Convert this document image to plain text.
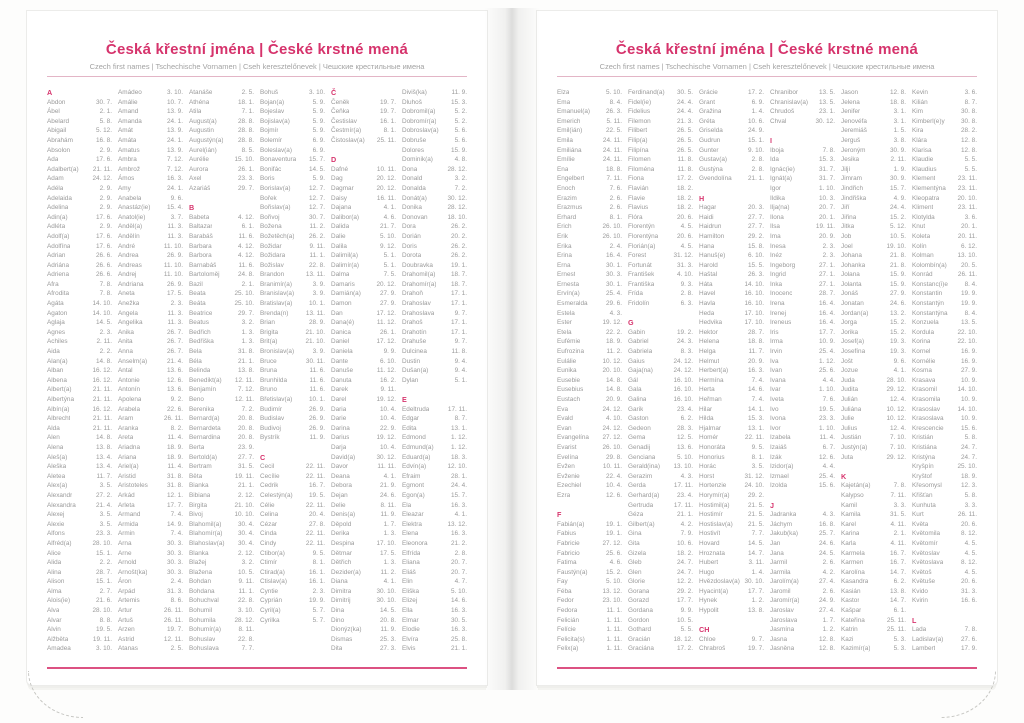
Česká křestní jména | České krstné mená
Czech first names | Tschechische Vornamen | Cseh keresztelőnevek | Чешские крестильные имена
A
Abdon	30. 7.
Ábel	2. 1.
Abelard	5. 8.
Abigail	5. 12.
Abrahám	16. 8.
Absolon	2. 9.
Ada	17. 6.
Adalbert(a) 21. 11.
Adam	24. 12.
Adéla	2. 9.
Adelaida	2. 9.
Adelina	2. 9.
Adin(a)	17. 6.
Adléta	2. 9.
Adolf(a)	17. 6.
Adolfína	17. 6.
Adrian	26. 6.
Adriána	26. 6.
Adriena	26. 6.
Afra	7. 8.
Afrodita	7. 8.
Agáta	14. 10.
Agaton	14. 10.
Aglaja	14. 5.
Agnes	2. 3.
Achiles	2. 11.
Aida	2. 2.
Alan(a)	14. 8.
Alban	16. 12.
Albena	16. 12.
Albert(a)	21. 11.
Albertýna	21. 11.
Albín(a)	16. 12.
Albrecht	21. 11.
Alda	21. 11.
Alen	14. 8.
Alena	13. 8.
Aleš(a)	13. 4.
Aleška	13. 4.
Aletea	11. 7.
Alex(a)	3. 5.
Alexandr	27. 2.
Alexandra	21. 4.
Alexej	3. 5.
Alexie	3. 5.
Alfons	23. 3.
Alfréd(a)	28. 10.
Alice	15. 1.
Alida	2. 2.
Alina	28. 7.
Alison	15. 1.
Alma	2. 7.
Alois(ie)	21. 6.
Alva	28. 10.
Alvar	8. 8.
Alvin	19. 5.
Alžběta	19. 11.
Amadea	3. 10.
Amádeo	3. 10.
Amálie	10. 7.
Amand	13. 9.
Amanda	24. 1.
Amát	13. 9.
Amáta	24. 1.
Amatus	13. 9.
Ambra	7. 12.
Ambrož	7. 12.
Ámos	16. 3.
Amy	24. 1.
Anabela	9. 6.
Anastáz(ie)	15. 4.
Anatol(ie)	3. 7.
Anděl(a)	11. 3.
Andělín	11. 3.
André	11. 10.
Andrea	26. 9.
Andreas	11. 10.
Andrej	11. 10.
Andriana	26. 9.
Aneta	17. 5.
Anežka	2. 3.
Angela	11. 3.
Angelika	11. 3.
Anika	26. 7.
Anita	26. 7.
Anna	26. 7.
Anselm(a)	21. 4.
Antal	13. 6.
Antonie	12. 6.
Antonín	13. 6.
Apolena	9. 2.
Arabela	22. 6.
Aram	26. 11.
Aranka	8. 2.
Areta	11. 4.
Ariadna	18. 9.
Ariana	18. 9.
Ariel(a)	11. 4.
Aristid	31. 8.
Aristoteles	31. 8.
Arkád	12. 1.
Arleta	17. 7.
Armand	7. 4.
Armida	14. 9.
Armin	7. 4.
Arna	30. 3.
Arne	30. 3.
Arnold	30. 3.
Arnošt(ka)	30. 3.
Áron	2. 4.
Arpád	31. 3.
Artemis	8. 6.
Artur	26. 11.
Artuš	26. 11.
Arzen	19. 7.
Astrid	12. 11.
Atanas	2. 5.
Atanáše	2. 5.
Athéna	18. 1.
Atila	7. 1.
August(a)	28. 8.
Augustin	28. 8.
Augustýn(a) 28. 8.
Aurel(ián)	8. 5.
Aurélie	15. 10.
Aurora	26. 1.
Axel	23. 3.
Azariáš	29. 7.
B
Babeta	4. 12.
Baltazar	6. 1.
Barabáš	11. 6.
Barbara	4. 12.
Barbora	4. 12.
Barnabáš	11. 6.
Bartoloměj	24. 8.
Bazil	2. 1.
Beata	25. 10.
Beáta	25. 10.
Beatrice	29. 7.
Beatus	3. 2.
Bedřich	1. 3.
Bedřiška	1. 3.
Bela	31. 8.
Béla	21. 1.
Belinda	13. 8.
Benedikt(a) 12. 11.
Benjamín	7. 12.
Beno	12. 11.
Berenika	7. 2.
Bernard(a)	20. 8.
Bernardeta	20. 8.
Bernardina	20. 8.
Berta	23. 9.
Bertold(a)	27. 7.
Bertram	31. 5.
Běta	19. 11.
Bianka	21. 1.
Bibiana	2. 12.
Birgita	21. 10.
Bivoj	10. 10.
Blahomil(a)	30. 4.
Blahomír(a) 30. 4.
Blahoslav(a) 30. 4.
Blanka	2. 12.
Blažej	3. 2.
Blažena	10. 5.
Bohdan	9. 11.
Bohdana	11. 1.
Bohuchval	22. 8.
Bohumil	3. 10.
Bohumila	28. 12.
Bohumír(a)	8. 11.
Bohuslav	22. 8.
Bohuslava	7. 7.
Bohuš	3. 10.
Bojan(a)	5. 9.
Bojeslav	5. 9.
Bojislav(a)	5. 9.
Bojmír	5. 9.
Bolemír	6. 9.
Boleslav(a)	6. 9.
Bonaventura 15. 7.
Bonifác	14. 5.
Boris	5. 9.
Borislav(a)	12. 7.
Bořek	12. 7.
Bořislav(a)	12. 7.
Bořivoj	30. 7.
Božena	11. 2.
Božetěch(a) 26. 2.
Božidar	9. 11.
Božidara	11. 1.
Božislav	22. 8.
Brandon	13. 11.
Branimír(a)	3. 9.
Branislav(a)	3. 9.
Bratislav(a)	10. 1.
Brenda(n)	13. 11.
Brian	28. 9.
Brigita	21. 10.
Brit(a)	21. 10.
Bronislav(a)	3. 9.
Bruce	30. 11.
Bruna	11. 6.
Brunhilda	11. 6.
Bruno	11. 6.
Břetislav(a)	10. 1.
Budimír	26. 9.
Budislav	26. 9.
Budivoj	26. 9.
Bystrík	11. 9.
C
Cecil	22. 11.
Cecílie	22. 11.
Cedrik	16. 7.
Celestýn(a)	19. 5.
Célie	22. 11.
Celina	20. 4.
Cézar	27. 8.
Cinda	22. 11.
Cindy	22. 11.
Ctibor(a)	9. 5.
Ctimír	8. 1.
Ctirad(a)	16. 1.
Ctislav(a)	16. 1.
Cyntie	2. 3.
Cyprián	19. 9.
Cyril(a)	5. 7.
Cyrilka	5. 7.
Č
Čeněk	19. 7.
Čeňka	19. 7.
Čestislav	16. 1.
Čestmír(a)	8. 1.
Čistoslav(a) 25. 11.
D
Dafné	10. 11.
Dag	20. 12.
Dagmar	20. 12.
Daisy	16. 11.
Dajana	4. 1.
Dalibor(a)	4. 6.
Dalida	21. 7.
Dalie	5. 10.
Dalila	9. 12.
Dalimil(a)	5. 1.
Dalimír(a)	5. 1.
Dalma	7. 5.
Damaris	20. 12.
Damián(a)	27. 9.
Damon	27. 9.
Dan	17. 12.
Dana(é)	11. 12.
Danica	26. 1.
Daniel	17. 12.
Daniela	9. 9.
Dante	6. 10.
Danuše	11. 12.
Danuta	16. 2.
Darek	9. 11.
Darel	19. 12.
Daria	10. 4.
Darie	10. 4.
Darina	22. 9.
Darius	19. 12.
Darja	10. 4.
David(a)	30. 12.
Davor	11. 11.
Deana	4. 1.
Debora	21. 9.
Dejan	24. 6.
Delie	8. 11.
Denis(a)	11. 9.
Děpold	1. 7.
Derika	1. 3.
Despina	17. 10.
Dětmar	17. 5.
Dětřich	1. 3.
Dezider(a)	11. 2.
Diana	4. 1.
Dimitra	30. 10.
Dimitrij	30. 10.
Dina	14. 5.
Dino	20. 8.
Dionýz(ka)	11. 9.
Dismas	25. 3.
Dita	27. 3.
Diviš(ka)	11. 9.
Dluhoš	15. 3.
Dobromil(a)	5. 2.
Dobromír(a)	5. 2.
Dobroslav(a) 5. 6.
Dobruše	5. 6.
Dolores	15. 9.
Dominik(a)	4. 8.
Dona	28. 12.
Donald	3. 2.
Donalda	7. 2.
Donát(a)	30. 12.
Donika	28. 12.
Donovan	18. 10.
Dora	26. 2.
Dorián	20. 2.
Doris	26. 2.
Dorota	26. 2.
Doubravka	19. 1.
Drahomil(a) 18. 7.
Drahomír(a) 18. 7.
Drahoň	17. 1.
Drahoslav	17. 1.
Drahoslava	9. 7.
Drahoš	17. 1.
Drahotín	17. 1.
Drahuše	9. 7.
Dulcinea	11. 8.
Dustin	9. 4.
Dušan(a)	9. 4.
Dylan	5. 1.
E
Edeltruda	17. 11.
Edgar	8. 7.
Edita	13. 1.
Edmond	1. 12.
Edmund(a)	1. 12.
Eduard(a)	18. 3.
Edvín(a)	12. 10.
Efraim	28. 1.
Egmont	24. 4.
Egon(a)	15. 7.
Ela	16. 3.
Eleazar	4. 1.
Elektra	13. 12.
Elena	16. 3.
Eleonora	21. 2.
Elfrída	2. 8.
Eliana	20. 7.
Eliáš	20. 7.
Elin	4. 7.
Eliška	5. 10.
Elizej	14. 6.
Ella	16. 3.
Elmar	30. 5.
Elodie	16. 3.
Elvíra	25. 8.
Elvis	21. 1.
Česká křestní jména | České krstné mená
Czech first names | Tschechische Vornamen | Cseh keresztelőnevek | Чешские крестильные имена
Elza	5. 10.
Ema	8. 4.
Emanuel(a) 26. 3.
Emerich	5. 11.
Emil(ián)	22. 5.
Emila	24. 11.
Emiliána	24. 11.
Emílie	24. 11.
Ena	18. 8.
Engelbert	7. 11.
Enoch	7. 6.
Erazim	2. 6.
Erazmus	2. 6.
Erhard	8. 1.
Erich	26. 10.
Erik	26. 10.
Erika	2. 4.
Erina	16. 4.
Erna	30. 1.
Ernest	30. 3.
Ernesta	30. 1.
Ervín(a)	25. 4.
Esmeralda	29. 6.
Estela	4. 3.
Ester	19. 12.
Etela	22. 2.
Eufémie	18. 9.
Eufrozina	11. 2.
Eulálie	10. 12.
Eunika	20. 10.
Eusebie	14. 8.
Eusebius	14. 8.
Eustach	20. 9.
Eva	24. 12.
Evald	4. 10.
Evan	24. 12.
Evangelína 27. 12.
Evarist	26. 10.
Evelína	29. 8.
Evžen	10. 11.
Evženie	22. 4.
Ezechiel	10. 4.
Ezra	12. 6.
F
Fabián(a)	19. 1.
Fabius	19. 1.
Fabricie	27. 12.
Fabricio	25. 6.
Fatima	4. 6.
Faustýn(a)	15. 2.
Fay	5. 10.
Féba	13. 12.
Fedor	23. 10.
Fedora	11. 1.
Felicián	1. 11.
Felície	1. 11.
Felicita(s)	1. 11.
Felix(a)	1. 11.
Ferdinand(a) 30. 5.
Fidel(ie)	24. 4.
Fidelius	24. 4.
Filemon	21. 3.
Filibert	26. 5.
Filip(a)	26. 5.
Filipína	26. 5.
Filomen	11. 8.
Filoména	11. 8.
Fiona	17. 2.
Flavián	18. 2.
Flavie	18. 2.
Flavius	18. 2.
Flóra	20. 6.
Florentýn	4. 5.
Florentýna	20. 6.
Florián(a)	4. 5.
Forest	31. 12.
Fortunát	31. 3.
František	4. 10.
Františka	9. 3.
Frída	2. 8.
Fridolín	6. 3.
G
Gabin	19. 2.
Gabriel	24. 3.
Gabriela	8. 3.
Gaius	24. 12.
Gaja(na)	24. 12.
Gál	16. 10.
Gala	16. 10.
Galina	16. 10.
Garik	23. 4.
Gaston	6. 2.
Gedeon	28. 3.
Gema	12. 5.
Genadij	13. 6.
Genciana	5. 10.
Gerald(ina) 13. 10.
Gerazim	4. 3.
Gerda	17. 11.
Gerhard(a)	23. 4.
Gertruda	17. 11.
Géza	21. 1.
Gilbert(a)	4. 2.
Gina	7. 9.
Gita	10. 6.
Gizela	18. 2.
Gleb	24. 7.
Glen	24. 7.
Glorie	12. 2.
Gorana	29. 2.
Gorazd	17. 7.
Gordana	9. 9.
Gordon	10. 5.
Gothard	5. 5.
Gracián	18. 12.
Graciána	17. 2.
Grácie	17. 2.
Grant	6. 9.
Gražina	1. 4.
Gréta	10. 6.
Griselda	24. 9.
Gudrun	15. 1.
Gunter	9. 10.
Gustav(a)	2. 8.
Gustýna	2. 8.
Gvendolína	21. 1.
H
Hagar	20. 3.
Haidi	27. 7.
Haidrun	27. 7.
Hamilton	29. 2.
Hana	15. 8.
Hanuš(e)	6. 10.
Harold	15. 5.
Haštal	26. 3.
Háta	14. 10.
Havel	16. 10.
Havla	16. 10.
Heda	17. 10.
Hedvika	17. 10.
Hektor	28. 7.
Helena	18. 8.
Helga	11. 7.
Helmut	20. 9.
Herbert(a)	16. 3.
Hermína	7. 4.
Herta	14. 6.
Heřman	7. 4.
Hilar	14. 1.
Hilda	15. 3.
Hjalmar	13. 1.
Homér	22. 11.
Honoráta	9. 5.
Honorius	8. 1.
Horác	3. 5.
Horst	31. 12.
Hortenzie	24. 10.
Horymír(a)	29. 2.
Hostimil(a)	21. 5.
Hostimír	21. 5.
Hostislav(a) 21. 5.
Hostivít	7. 7.
Hovard	14. 5.
Hroznata	14. 7.
Hubert	3. 11.
Hugo	1. 4.
Hvězdoslav(a) 30. 10.
Hyacint(a)	17. 7.
Hynek	1. 2.
Hypolit	13. 8.
CH
Chloe	9. 7.
Chrabroš	19. 7.
Chranibor	13. 5.
Chranislav(a) 13. 5.
Chrudoš	23. 1.
Chval	30. 12.
I
Iboja	7. 8.
Ida	15. 3.
Ignác(ie)	31. 7.
Ignát(a)	31. 7.
Igor	1. 10.
Ildika	10. 3.
Ilja(na)	20. 7.
Ilona	20. 1.
Ilsa	19. 11.
Ima	20. 9.
Inesa	2. 3.
Inéz	2. 3.
Ingeborg	27. 1.
Ingrid	27. 1.
Inka	27. 1.
Inocenc	28. 7.
Irena	16. 4.
Irenej	16. 4.
Ireneus	16. 4.
Iris	17. 7.
Irma	10. 9.
Irvin	25. 4.
Iva	1. 12.
Ivan	25. 6.
Ivana	4. 4.
Ivar	1. 10.
Iveta	7. 6.
Ivo	19. 5.
Ivona	23. 3.
Ivor	1. 10.
Izabela	11. 4.
Izaiáš	6. 7.
Izák	12. 6.
Izidor(a)	4. 4.
Izmael	25. 4.
Izolda	15. 6.
J
Jadranka	4. 3.
Jáchym	16. 8.
Jakub(ka)	25. 7.
Jan	24. 6.
Jana	24. 5.
Jarmil	2. 6.
Jarmila	4. 2.
Jarolím(a)	27. 4.
Jaromil	2. 6.
Jaromír(a)	24. 9.
Jaroslav	27. 4.
Jaroslava	1. 7.
Jasmína	1. 2.
Jasna	12. 8.
Jasněna	12. 8.
Jason	12. 8.
Jelena	18. 8.
Jenifer	3. 1.
Jenovéfa	3. 1.
Jeremiáš	1. 5.
Jerguš	3. 8.
Jeroným	30. 9.
Jesika	2. 11.
Jiljí	1. 9.
Jimram	30. 9.
Jindřich	15. 7.
Jindřiška	4. 9.
Jiří	24. 4.
Jiřina	15. 2.
Jitka	5. 12.
Job	10. 5.
Joel	19. 10.
Johana	21. 8.
Johanka	21. 8.
Jolana	15. 9.
Jolanta	15. 9.
Jonáš	27. 9.
Jonatan	24. 6.
Jordan(a)	13. 2.
Jorga	15. 2.
Jorika	15. 2.
Josef(a)	19. 3.
Josefína	19. 3.
Jošt	9. 6.
Jozue	4. 1.
Juda	28. 10.
Judita	29. 12.
Julián	12. 4.
Juliána	10. 12.
Julie	10. 12.
Julius	12. 4.
Justián	7. 10.
Justýn(a)	7. 10.
Juta	29. 12.
K
Kajetán(a)	7. 8.
Kalypso	7. 11.
Kamil	3. 3.
Kamila	31. 5.
Karel	4. 11.
Karina	2. 1.
Karla	4. 11.
Karmela	16. 7.
Karmen	16. 7.
Karolína	14. 7.
Kasandra	6. 2.
Kasián	13. 8.
Kastor	14. 7.
Kašpar	6. 1.
Kateřina	25. 11.
Katrin	25. 11.
Kazi	5. 3.
Kazimír(a)	5. 3.
Kevin	3. 6.
Kilián	8. 7.
Kim	30. 8.
Kimberl(e)y	30. 8.
Kira	28. 2.
Klára	12. 8.
Klarisa	12. 8.
Klaudie	5. 5.
Klaudius	5. 5.
Klement	23. 11.
Klementýna 23. 11.
Kleopatra	20. 10.
Kliment	23. 11.
Klotylda	3. 6.
Knut	20. 1.
Koleta	20. 11.
Kolín	6. 12.
Kolman	13. 10.
Kolombín(a) 20. 5.
Konrád	26. 11.
Konstanc(i)e	8. 4.
Konstantin	19. 9.
Konstantýn	19. 9.
Konstantýna	8. 4.
Konzuela	13. 5.
Kordula	22. 10.
Korina	22. 10.
Kornel	16. 9.
Kornélie	16. 9.
Kosma	27. 9.
Krasava	10. 9.
Krasomil	14. 10.
Krasomila	10. 9.
Krasoslav	14. 10.
Krasoslava	10. 9.
Krescencie	15. 6.
Kristián	5. 8.
Kristiána	24. 7.
Kristýna	24. 7.
Kryšpín	25. 10.
Kryštof	18. 9.
Křesomysl	12. 3.
Křišťan	5. 8.
Kunhuta	3. 3.
Kurt	26. 11.
Květa	20. 6.
Květomila	8. 12.
Květomír	4. 5.
Květoslav	4. 5.
Květoslava	8. 12.
Květoš	4. 5.
Květuše	20. 6.
Kvido	31. 3.
Kvirin	16. 6.
L
Lada	7. 8.
Ladislav(a)	27. 6.
Lambert	17. 9.
